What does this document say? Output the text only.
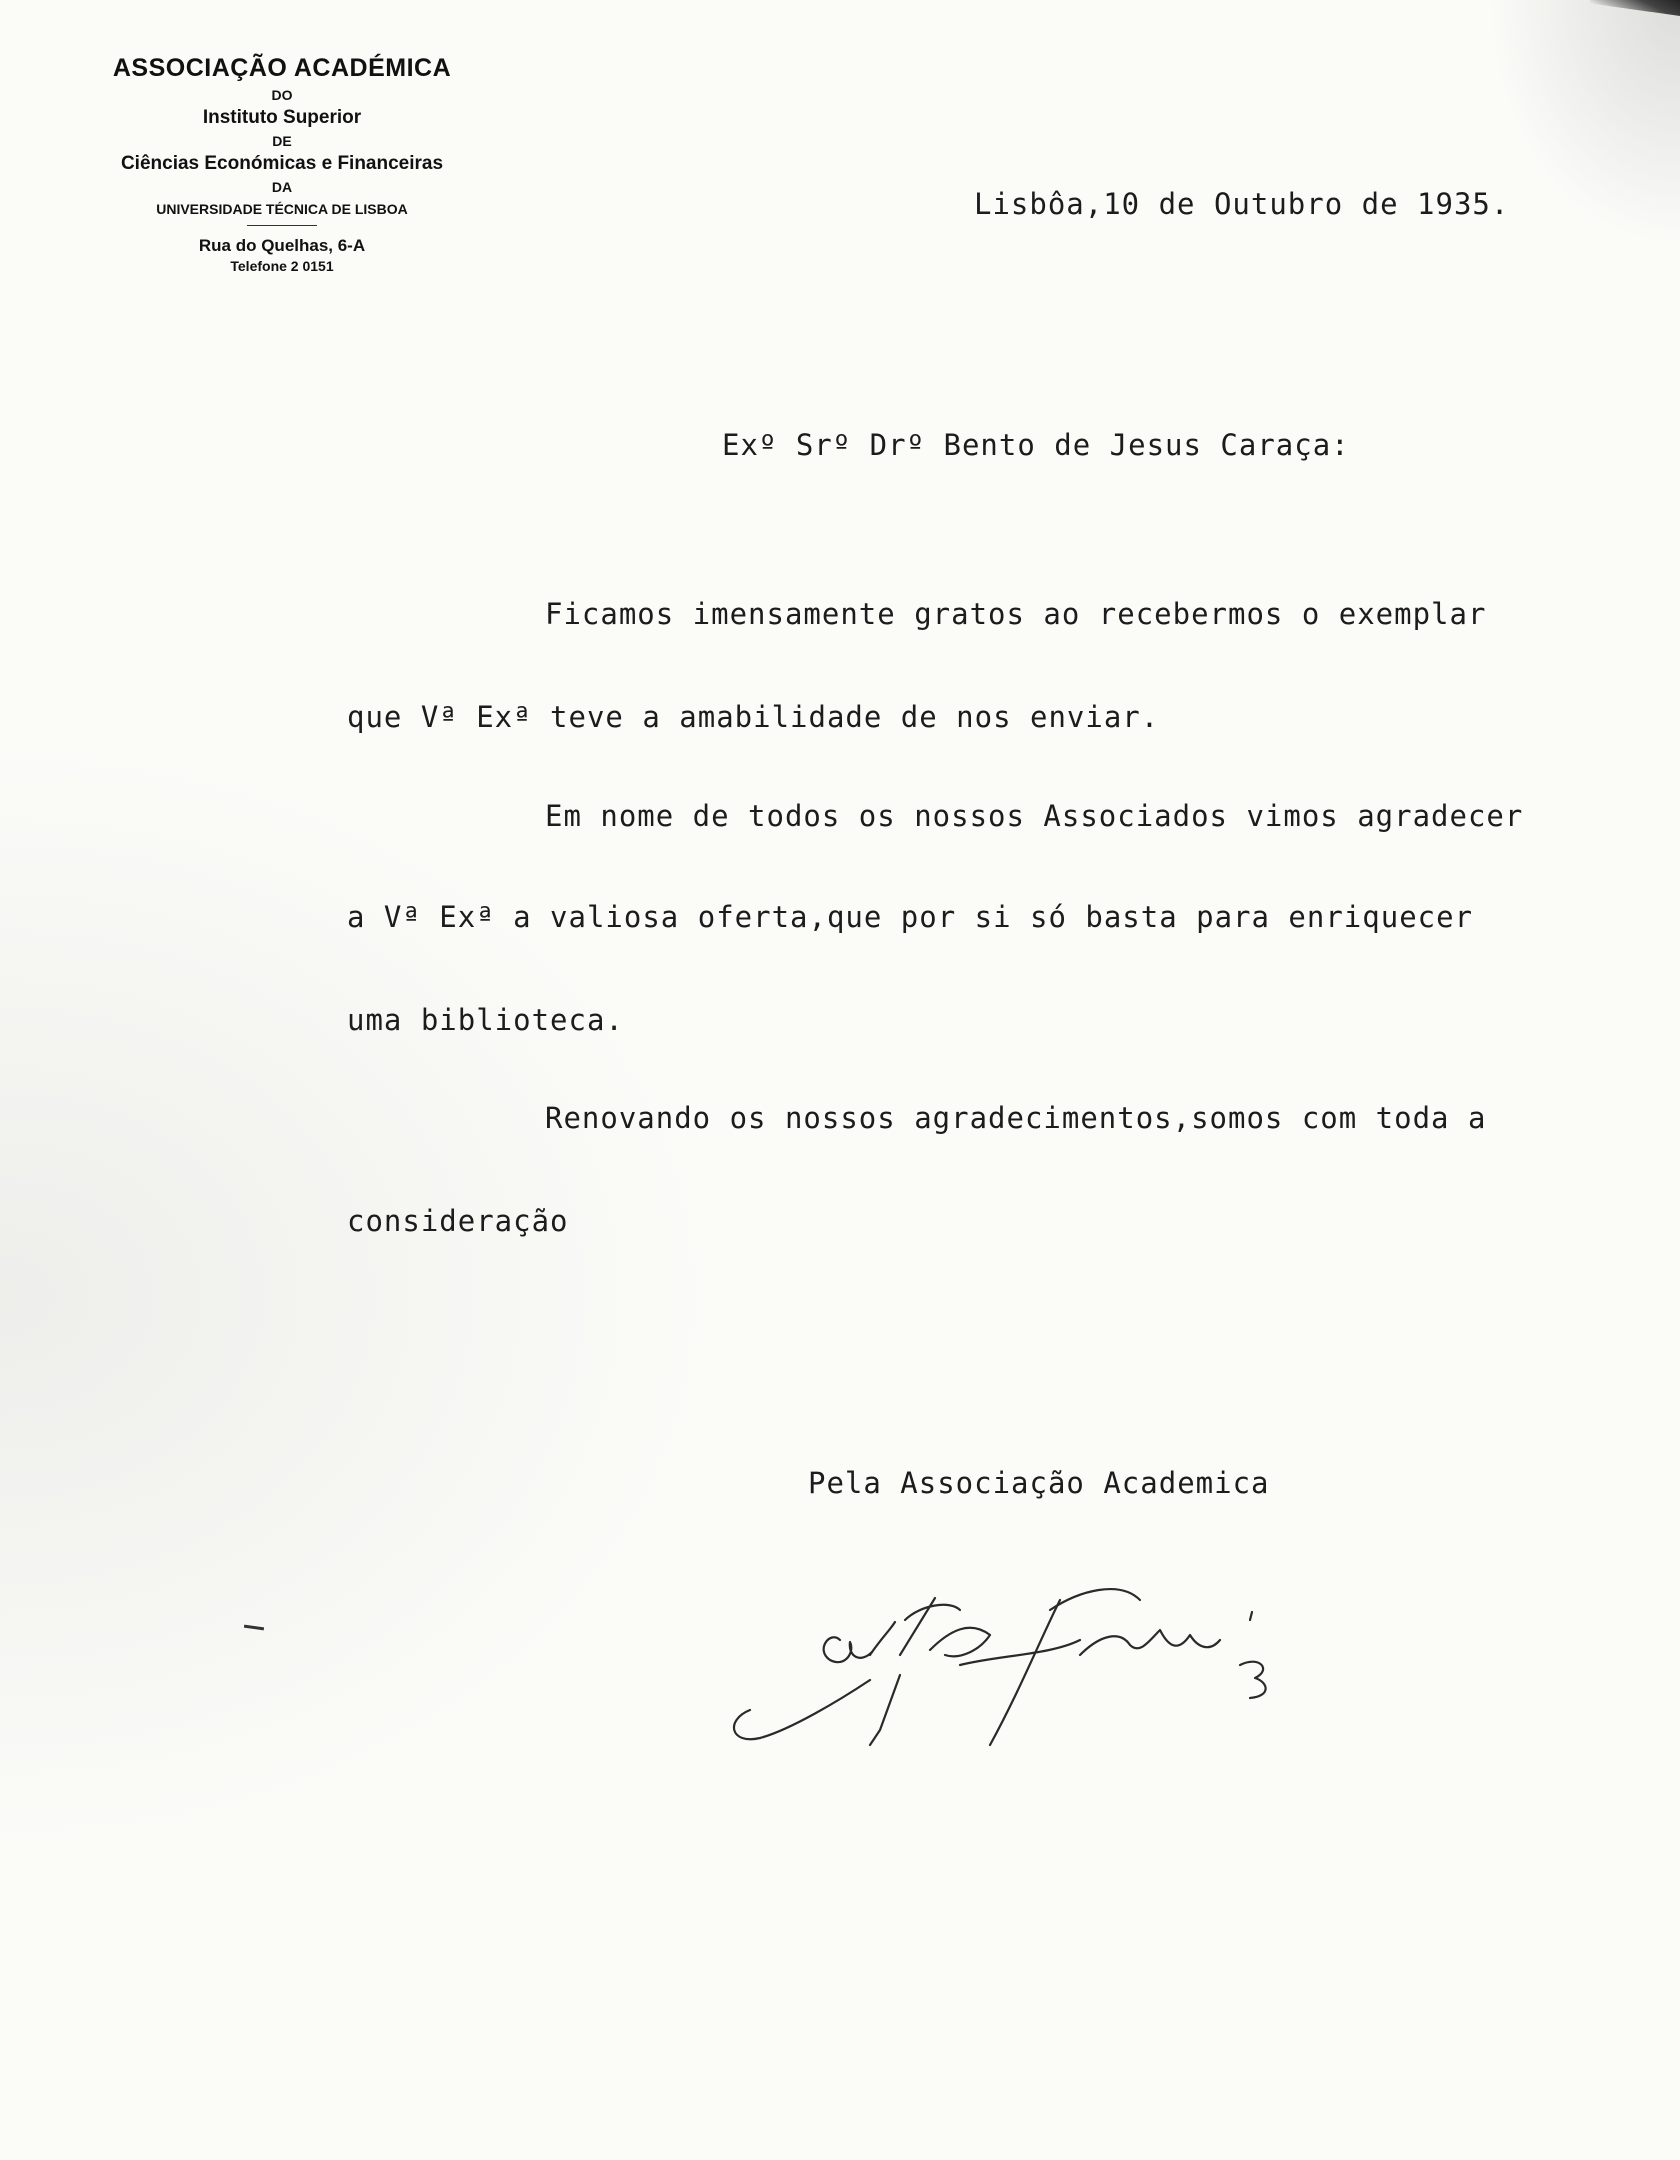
ASSOCIAÇÃO ACADÉMICA
DO
Instituto Superior
DE
Ciências Económicas e Financeiras
DA
UNIVERSIDADE TÉCNICA DE LISBOA
Rua do Quelhas, 6-A
Telefone 2 0151
Lisbôa,10 de Outubro de 1935.
Exº Srº Drº Bento de Jesus Caraça:
Ficamos imensamente gratos ao recebermos o exemplar
que Vª Exª teve a amabilidade de nos enviar.
Em nome de todos os nossos Associados vimos agradecer
a Vª Exª a valiosa oferta,que por si só basta para enriquecer
uma biblioteca.
Renovando os nossos agradecimentos,somos com toda a
consideração
Pela Associação Academica
